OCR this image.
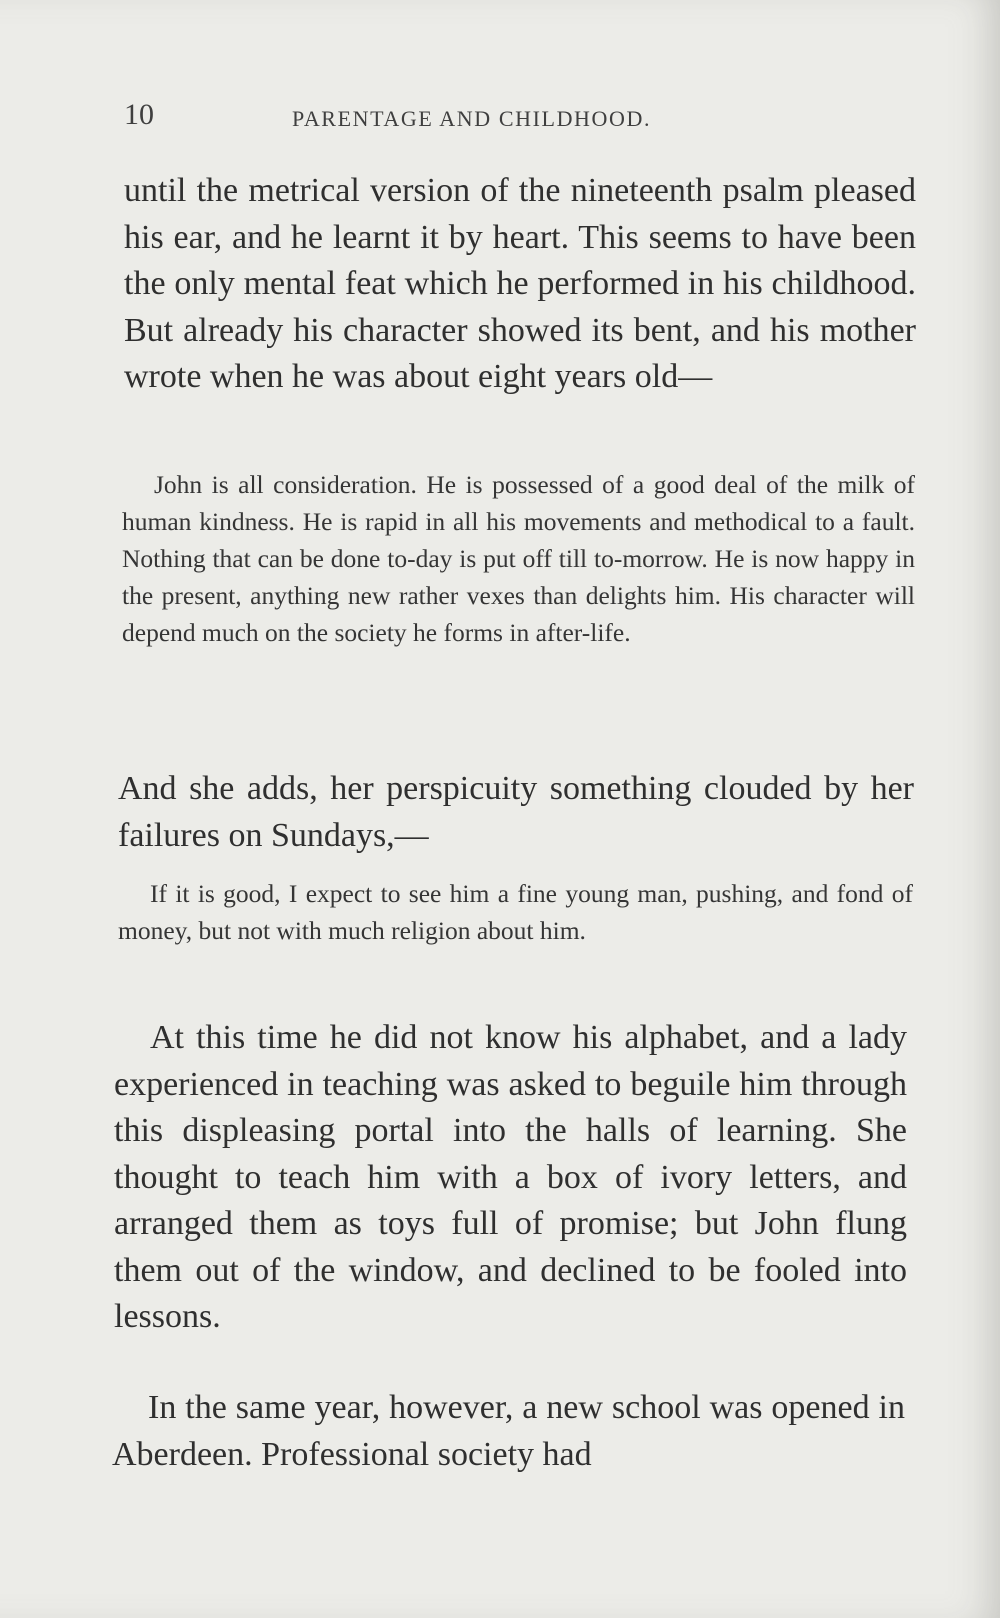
10	PARENTAGE AND CHILDHOOD.

until the metrical version of the nineteenth psalm pleased his ear, and he learnt it by heart. This seems to have been the only mental feat which he performed in his childhood. But already his character showed its bent, and his mother wrote when he was about eight years old—

John is all consideration. He is possessed of a good deal of the milk of human kindness. He is rapid in all his movements and methodical to a fault. Nothing that can be done to-day is put off till to-morrow. He is now happy in the present, anything new rather vexes than delights him. His character will depend much on the society he forms in after-life.

And she adds, her perspicuity something clouded by her failures on Sundays,—

If it is good, I expect to see him a fine young man, pushing, and fond of money, but not with much religion about him.

At this time he did not know his alphabet, and a lady experienced in teaching was asked to beguile him through this displeasing portal into the halls of learning. She thought to teach him with a box of ivory letters, and arranged them as toys full of promise; but John flung them out of the window, and declined to be fooled into lessons.

In the same year, however, a new school was opened in Aberdeen. Professional society had
